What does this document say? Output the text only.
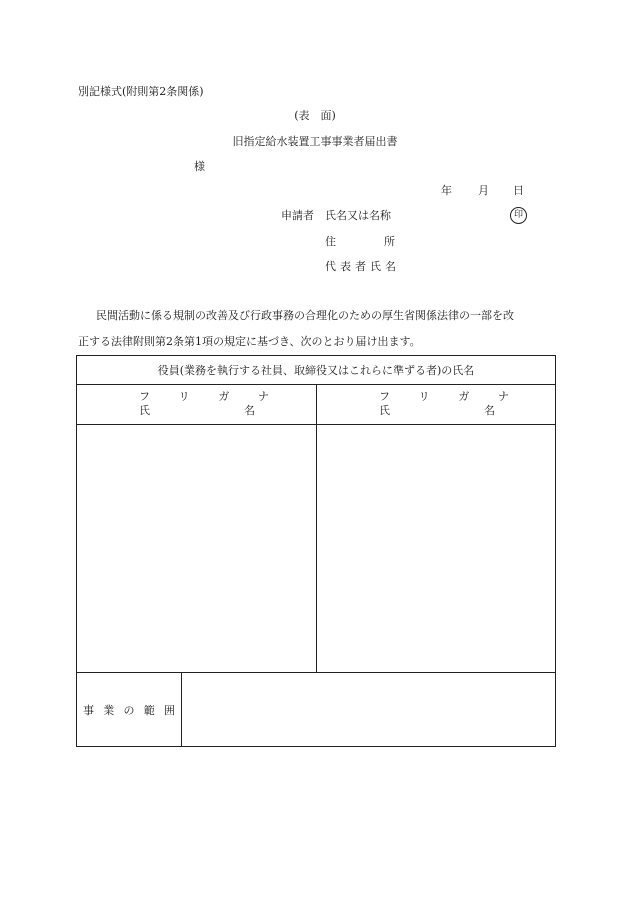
別記様式(附則第2条関係)
(表　面)
旧指定給水装置工事事業者届出書
様
年 月 日
申請者 氏名又は名称	印
住	所
代表者氏名
民間活動に係る規制の改善及び行政事務の合理化のための厚生省関係法律の一部を改
正する法律附則第2条第1項の規定に基づき、次のとおり届け出ます。
役員(業務を執行する社員、取締役又はこれらに準ずる者)の氏名
フ	リ	ガ	ナ
氏	名
フ	リ	ガ	ナ
氏	名
事 業 の 範 囲
